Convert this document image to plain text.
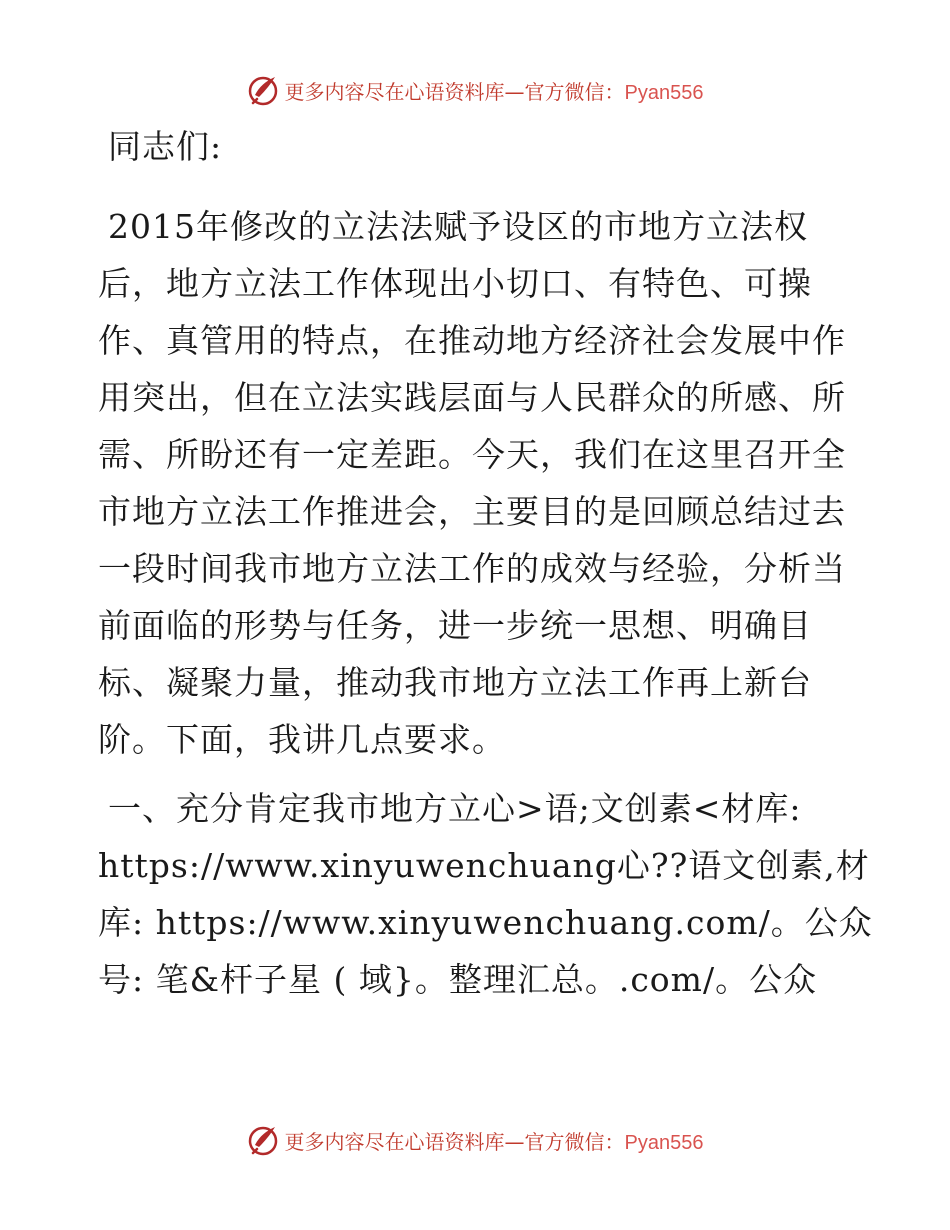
更多内容尽在心语资料库—官方微信：Pyan556
同志们:
2015年修改的立法法赋予设区的市地方立法权
后，地方立法工作体现出小切口、有特色、可操
作、真管用的特点，在推动地方经济社会发展中作
用突出，但在立法实践层面与人民群众的所感、所
需、所盼还有一定差距。今天，我们在这里召开全
市地方立法工作推进会，主要目的是回顾总结过去
一段时间我市地方立法工作的成效与经验，分析当
前面临的形势与任务，进一步统一思想、明确目
标、凝聚力量，推动我市地方立法工作再上新台
阶。下面，我讲几点要求。
一、充分肯定我市地方立心>语;文创素<材库:
https://www.xinyuwenchuang心??语文创素,材
库: https://www.xinyuwenchuang.com/。公众
号: 笔&杆子星 ( 域}。整理汇总。.com/。公众
更多内容尽在心语资料库—官方微信：Pyan556
